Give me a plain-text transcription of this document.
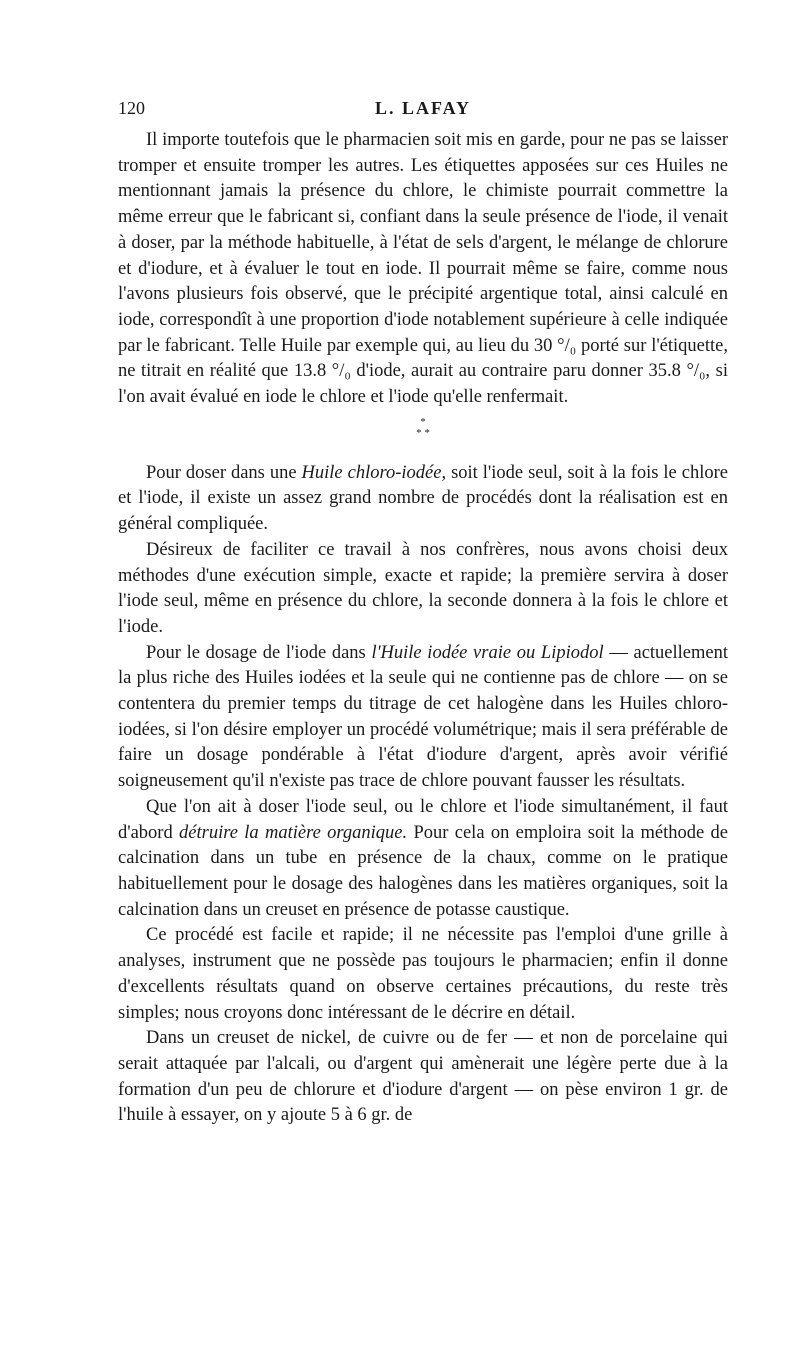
120	L. LAFAY

Il importe toutefois que le pharmacien soit mis en garde, pour ne pas se laisser tromper et ensuite tromper les autres. Les étiquettes apposées sur ces Huiles ne mentionnant jamais la présence du chlore, le chimiste pourrait commettre la même erreur que le fabricant si, confiant dans la seule présence de l'iode, il venait à doser, par la méthode habituelle, à l'état de sels d'argent, le mélange de chlorure et d'iodure, et à évaluer le tout en iode. Il pourrait même se faire, comme nous l'avons plusieurs fois observé, que le précipité argentique total, ainsi calculé en iode, correspondît à une proportion d'iode notablement supérieure à celle indiquée par le fabricant. Telle Huile par exemple qui, au lieu du 30 °/₀ porté sur l'étiquette, ne titrait en réalité que 13.8 °/₀ d'iode, aurait au contraire paru donner 35.8 °/₀, si l'on avait évalué en iode le chlore et l'iode qu'elle renfermait.

*
* *

Pour doser dans une Huile chloro-iodée, soit l'iode seul, soit à la fois le chlore et l'iode, il existe un assez grand nombre de procédés dont la réalisation est en général compliquée.

Désireux de faciliter ce travail à nos confrères, nous avons choisi deux méthodes d'une exécution simple, exacte et rapide; la première servira à doser l'iode seul, même en présence du chlore, la seconde donnera à la fois le chlore et l'iode.

Pour le dosage de l'iode dans l'Huile iodée vraie ou Lipiodol — actuellement la plus riche des Huiles iodées et la seule qui ne contienne pas de chlore — on se contentera du premier temps du titrage de cet halogène dans les Huiles chloro-iodées, si l'on désire employer un procédé volumétrique; mais il sera préférable de faire un dosage pondérable à l'état d'iodure d'argent, après avoir vérifié soigneusement qu'il n'existe pas trace de chlore pouvant fausser les résultats.

Que l'on ait à doser l'iode seul, ou le chlore et l'iode simultanément, il faut d'abord détruire la matière organique. Pour cela on emploira soit la méthode de calcination dans un tube en présence de la chaux, comme on le pratique habituellement pour le dosage des halogènes dans les matières organiques, soit la calcination dans un creuset en présence de potasse caustique.

Ce procédé est facile et rapide; il ne nécessite pas l'emploi d'une grille à analyses, instrument que ne possède pas toujours le pharmacien; enfin il donne d'excellents résultats quand on observe certaines précautions, du reste très simples; nous croyons donc intéressant de le décrire en détail.

Dans un creuset de nickel, de cuivre ou de fer — et non de porcelaine qui serait attaquée par l'alcali, ou d'argent qui amènerait une légère perte due à la formation d'un peu de chlorure et d'iodure d'argent — on pèse environ 1 gr. de l'huile à essayer, on y ajoute 5 à 6 gr. de
